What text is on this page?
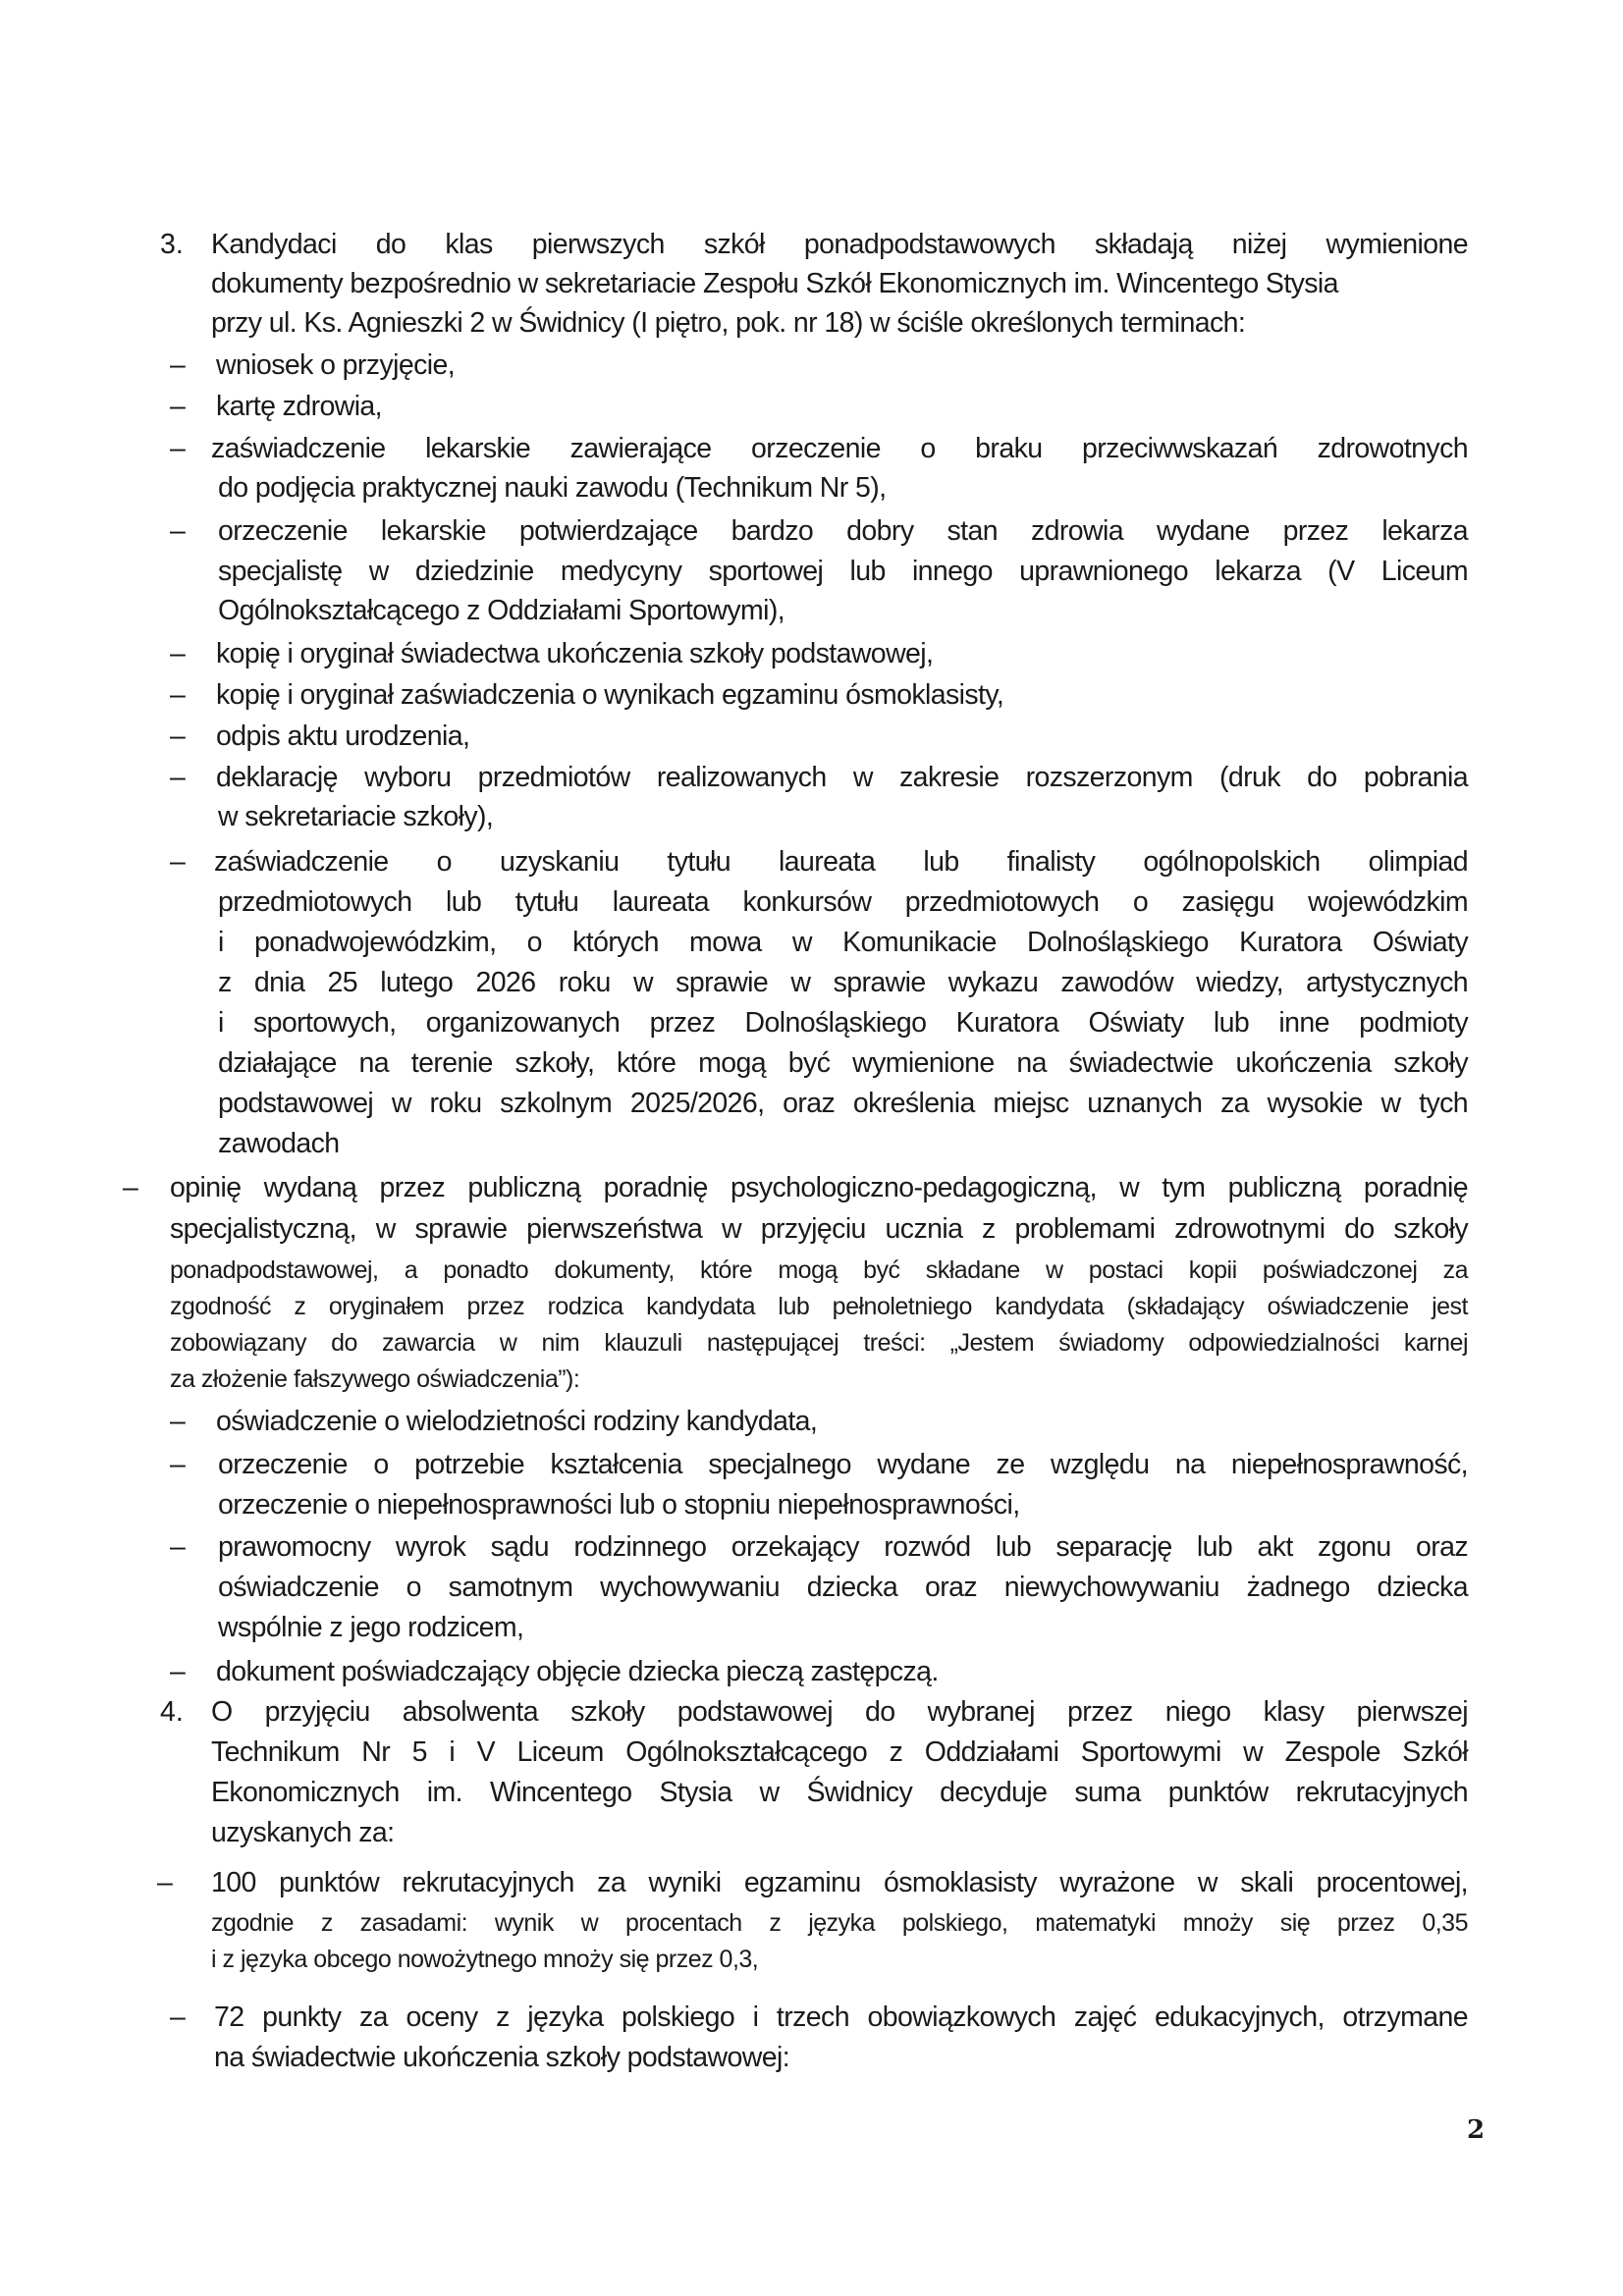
3. Kandydaci do klas pierwszych szkół ponadpodstawowych składają niżej wymienione
dokumenty bezpośrednio w sekretariacie Zespołu Szkół Ekonomicznych im. Wincentego Stysia
przy ul. Ks. Agnieszki 2 w Świdnicy (I piętro, pok. nr 18) w ściśle określonych terminach:
– wniosek o przyjęcie,
– kartę zdrowia,
– zaświadczenie lekarskie zawierające orzeczenie o braku przeciwwskazań zdrowotnych
do podjęcia praktycznej nauki zawodu (Technikum Nr 5),
– orzeczenie lekarskie potwierdzające bardzo dobry stan zdrowia wydane przez lekarza
specjalistę w dziedzinie medycyny sportowej lub innego uprawnionego lekarza (V Liceum
Ogólnokształcącego z Oddziałami Sportowymi),
– kopię i oryginał świadectwa ukończenia szkoły podstawowej,
– kopię i oryginał zaświadczenia o wynikach egzaminu ósmoklasisty,
– odpis aktu urodzenia,
– deklarację wyboru przedmiotów realizowanych w zakresie rozszerzonym (druk do pobrania
w sekretariacie szkoły),
– zaświadczenie o uzyskaniu tytułu laureata lub finalisty ogólnopolskich olimpiad
przedmiotowych lub tytułu laureata konkursów przedmiotowych o zasięgu wojewódzkim
i ponadwojewódzkim, o których mowa w Komunikacie Dolnośląskiego Kuratora Oświaty
z dnia 25 lutego 2026 roku w sprawie w sprawie wykazu zawodów wiedzy, artystycznych
i sportowych, organizowanych przez Dolnośląskiego Kuratora Oświaty lub inne podmioty
działające na terenie szkoły, które mogą być wymienione na świadectwie ukończenia szkoły
podstawowej w roku szkolnym 2025/2026, oraz określenia miejsc uznanych za wysokie w tych
zawodach
– opinię wydaną przez publiczną poradnię psychologiczno-pedagogiczną, w tym publiczną poradnię
specjalistyczną, w sprawie pierwszeństwa w przyjęciu ucznia z problemami zdrowotnymi do szkoły
ponadpodstawowej, a ponadto dokumenty, które mogą być składane w postaci kopii poświadczonej za
zgodność z oryginałem przez rodzica kandydata lub pełnoletniego kandydata (składający oświadczenie jest
zobowiązany do zawarcia w nim klauzuli następującej treści: „Jestem świadomy odpowiedzialności karnej
za złożenie fałszywego oświadczenia”):
– oświadczenie o wielodzietności rodziny kandydata,
– orzeczenie o potrzebie kształcenia specjalnego wydane ze względu na niepełnosprawność,
orzeczenie o niepełnosprawności lub o stopniu niepełnosprawności,
– prawomocny wyrok sądu rodzinnego orzekający rozwód lub separację lub akt zgonu oraz
oświadczenie o samotnym wychowywaniu dziecka oraz niewychowywaniu żadnego dziecka
wspólnie z jego rodzicem,
– dokument poświadczający objęcie dziecka pieczą zastępczą.
4. O przyjęciu absolwenta szkoły podstawowej do wybranej przez niego klasy pierwszej
Technikum Nr 5 i V Liceum Ogólnokształcącego z Oddziałami Sportowymi w Zespole Szkół
Ekonomicznych im. Wincentego Stysia w Świdnicy decyduje suma punktów rekrutacyjnych
uzyskanych za:
– 100 punktów rekrutacyjnych za wyniki egzaminu ósmoklasisty wyrażone w skali procentowej,
zgodnie z zasadami: wynik w procentach z języka polskiego, matematyki mnoży się przez 0,35
i z języka obcego nowożytnego mnoży się przez 0,3,
– 72 punkty za oceny z języka polskiego i trzech obowiązkowych zajęć edukacyjnych, otrzymane
na świadectwie ukończenia szkoły podstawowej:
2
